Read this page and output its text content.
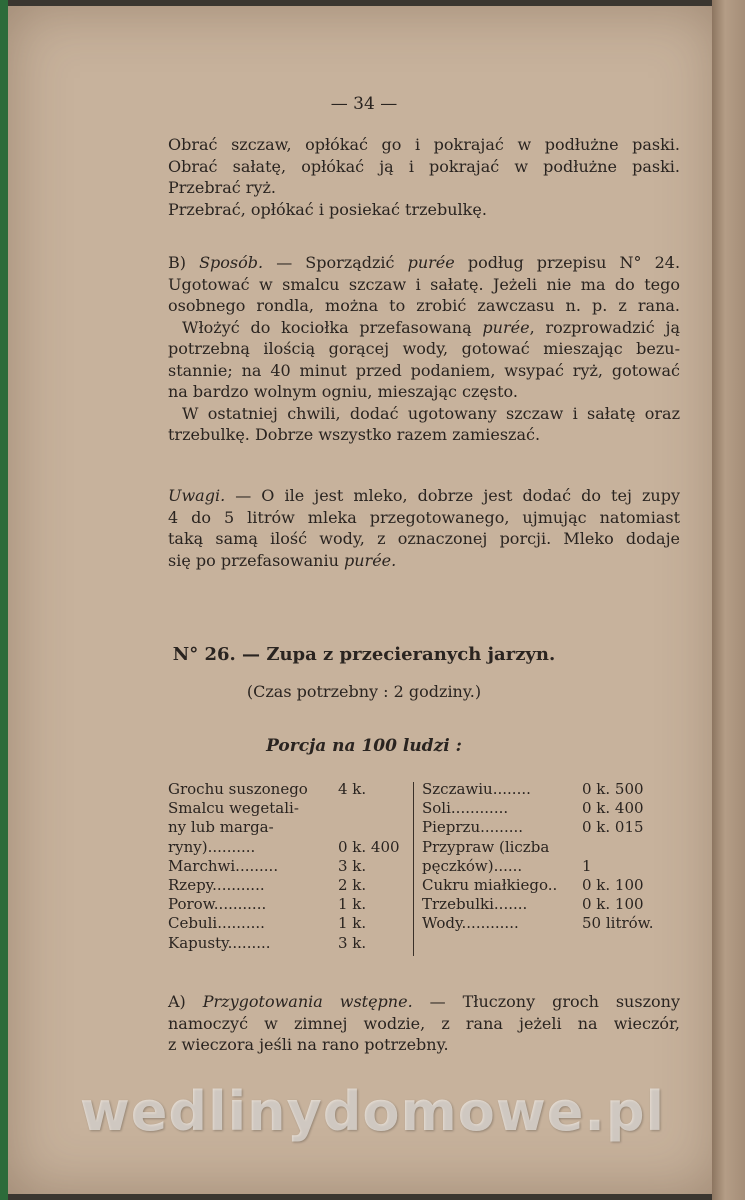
— 34 —
Obrać szczaw, opłókać go i pokrajać w podłużne paski.
Obrać sałatę, opłókać ją i pokrajać w podłużne paski.
Przebrać ryż.
Przebrać, opłókać i posiekać trzebulkę.
B) Sposób. — Sporządzić purée podług przepisu N° 24.
Ugotować w smalcu szczaw i sałatę. Jeżeli nie ma do tego
osobnego rondla, można to zrobić zawczasu n. p. z rana.
Włożyć do kociołka przefasowaną purée, rozprowadzić ją
potrzebną ilością gorącej wody, gotować mieszając bezu-
stannie; na 40 minut przed podaniem, wsypać ryż, gotować
na bardzo wolnym ogniu, mieszając często.
W ostatniej chwili, dodać ugotowany szczaw i sałatę oraz
trzebulkę. Dobrze wszystko razem zamieszać.
Uwagi. — O ile jest mleko, dobrze jest dodać do tej zupy
4 do 5 litrów mleka przegotowanego, ujmując natomiast
taką samą ilość wody, z oznaczonej porcji. Mleko dodaje
się po przefasowaniu purée.
N° 26. — Zupa z przecieranych jarzyn.
(Czas potrzebny : 2 godziny.)
Porcja na 100 ludzi :
Grochu suszonego	4 k.
Smalcu wegetali-
ny lub marga-
ryny)..........	0 k. 400
Marchwi.........	3 k.
Rzepy...........	2 k.
Porow...........	1 k.
Cebuli..........	1 k.
Kapusty.........	3 k.
Szczawiu........	0 k. 500
Soli............	0 k. 400
Pieprzu.........	0 k. 015
Przypraw (liczba
pęczków)......	1
Cukru miałkiego..	0 k. 100
Trzebulki.......	0 k. 100
Wody............	50 litrów.
A) Przygotowania wstępne. — Tłuczony groch suszony
namoczyć w zimnej wodzie, z rana jeżeli na wieczór,
z wieczora jeśli na rano potrzebny.
wedlinydomowe.pl
